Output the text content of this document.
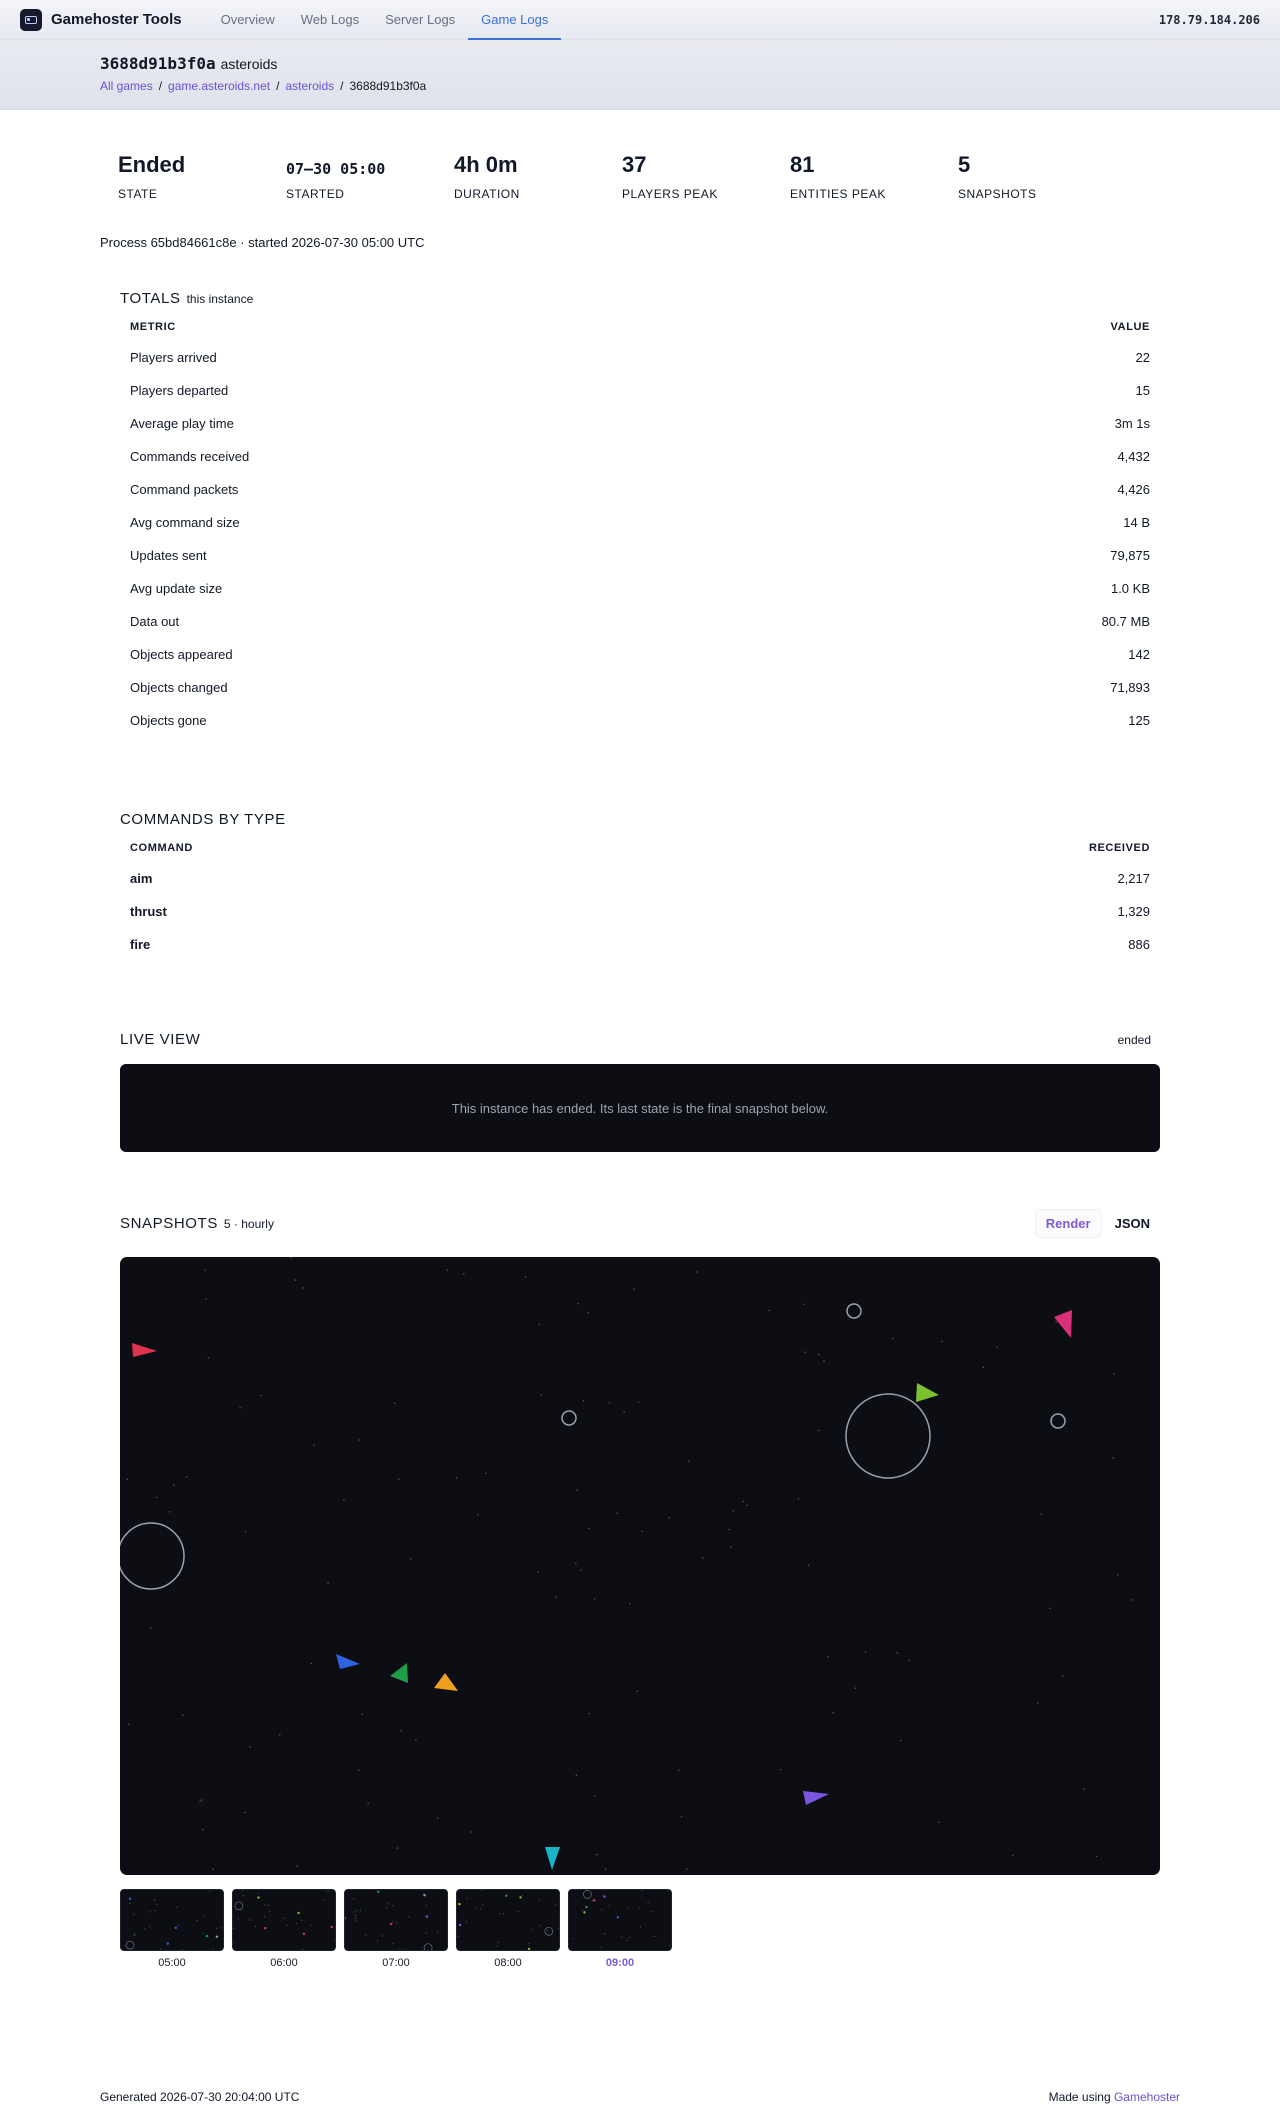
Gamehoster Tools	Overview	Web Logs	Server Logs	Game Logs	178.79.184.206
3688d91b3f0a asteroids
All games / game.asteroids.net / asteroids / 3688d91b3f0a
Ended
STATE
07–30 05:00
STARTED
4h 0m
DURATION
37
PLAYERS PEAK
81
ENTITIES PEAK
5
SNAPSHOTS
Process 65bd84661c8e · started 2026-07-30 05:00 UTC
TOTALS this instance
METRIC	VALUE
Players arrived	22
Players departed	15
Average play time	3m 1s
Commands received	4,432
Command packets	4,426
Avg command size	14 B
Updates sent	79,875
Avg update size	1.0 KB
Data out	80.7 MB
Objects appeared	142
Objects changed	71,893
Objects gone	125
COMMANDS BY TYPE
COMMAND	RECEIVED
aim	2,217
thrust	1,329
fire	886
LIVE VIEW	ended
This instance has ended. Its last state is the final snapshot below.
SNAPSHOTS 5 · hourly	Render	JSON
05:00	06:00	07:00	08:00	09:00
Generated 2026-07-30 20:04:00 UTC	Made using Gamehoster
